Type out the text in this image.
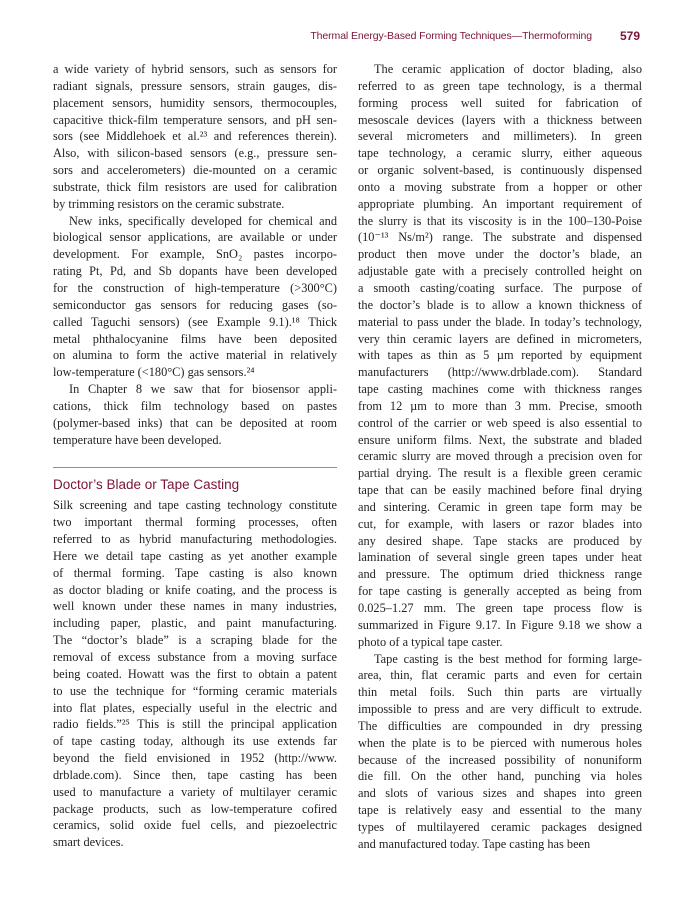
Thermal Energy-Based Forming Techniques—Thermoforming 579
a wide variety of hybrid sensors, such as sensors for
radiant signals, pressure sensors, strain gauges, dis-
placement sensors, humidity sensors, thermocouples,
capacitive thick-film temperature sensors, and pH sen-
sors (see Middlehoek et al.²³ and references therein).
Also, with silicon-based sensors (e.g., pressure sen-
sors and accelerometers) die-mounted on a ceramic
substrate, thick film resistors are used for calibration
by trimming resistors on the ceramic substrate.
New inks, specifically developed for chemical and
biological sensor applications, are available or under
development. For example, SnO₂ pastes incorpo-
rating Pt, Pd, and Sb dopants have been developed
for the construction of high-temperature (>300°C)
semiconductor gas sensors for reducing gases (so-
called Taguchi sensors) (see Example 9.1).¹⁸ Thick
metal phthalocyanine films have been deposited
on alumina to form the active material in relatively
low-temperature (<180°C) gas sensors.²⁴
In Chapter 8 we saw that for biosensor appli-
cations, thick film technology based on pastes
(polymer-based inks) that can be deposited at room
temperature have been developed.
Doctor’s Blade or Tape Casting
Silk screening and tape casting technology constitute
two important thermal forming processes, often
referred to as hybrid manufacturing methodologies.
Here we detail tape casting as yet another example
of thermal forming. Tape casting is also known
as doctor blading or knife coating, and the process is
well known under these names in many industries,
including paper, plastic, and paint manufacturing.
The “doctor’s blade” is a scraping blade for the
removal of excess substance from a moving surface
being coated. Howatt was the first to obtain a patent
to use the technique for “forming ceramic materials
into flat plates, especially useful in the electric and
radio fields.”²⁵ This is still the principal application
of tape casting today, although its use extends far
beyond the field envisioned in 1952 (http://www.
drblade.com). Since then, tape casting has been
used to manufacture a variety of multilayer ceramic
package products, such as low-temperature cofired
ceramics, solid oxide fuel cells, and piezoelectric
smart devices.
The ceramic application of doctor blading, also
referred to as green tape technology, is a thermal
forming process well suited for fabrication of
mesoscale devices (layers with a thickness between
several micrometers and millimeters). In green
tape technology, a ceramic slurry, either aqueous
or organic solvent-based, is continuously dispensed
onto a moving substrate from a hopper or other
appropriate plumbing. An important requirement of
the slurry is that its viscosity is in the 100–130-Poise
(10⁻¹³ Ns/m²) range. The substrate and dispensed
product then move under the doctor’s blade, an
adjustable gate with a precisely controlled height on
a smooth casting/coating surface. The purpose of
the doctor’s blade is to allow a known thickness of
material to pass under the blade. In today’s technology,
very thin ceramic layers are defined in micrometers,
with tapes as thin as 5 µm reported by equipment
manufacturers (http://www.drblade.com). Standard
tape casting machines come with thickness ranges
from 12 µm to more than 3 mm. Precise, smooth
control of the carrier or web speed is also essential to
ensure uniform films. Next, the substrate and bladed
ceramic slurry are moved through a precision oven for
partial drying. The result is a flexible green ceramic
tape that can be easily machined before final drying
and sintering. Ceramic in green tape form may be
cut, for example, with lasers or razor blades into
any desired shape. Tape stacks are produced by
lamination of several single green tapes under heat
and pressure. The optimum dried thickness range
for tape casting is generally accepted as being from
0.025–1.27 mm. The green tape process flow is
summarized in Figure 9.17. In Figure 9.18 we show a
photo of a typical tape caster.
Tape casting is the best method for forming large-
area, thin, flat ceramic parts and even for certain
thin metal foils. Such thin parts are virtually
impossible to press and are very difficult to extrude.
The difficulties are compounded in dry pressing
when the plate is to be pierced with numerous holes
because of the increased possibility of nonuniform
die fill. On the other hand, punching via holes
and slots of various sizes and shapes into green
tape is relatively easy and essential to the many
types of multilayered ceramic packages designed
and manufactured today. Tape casting has been
